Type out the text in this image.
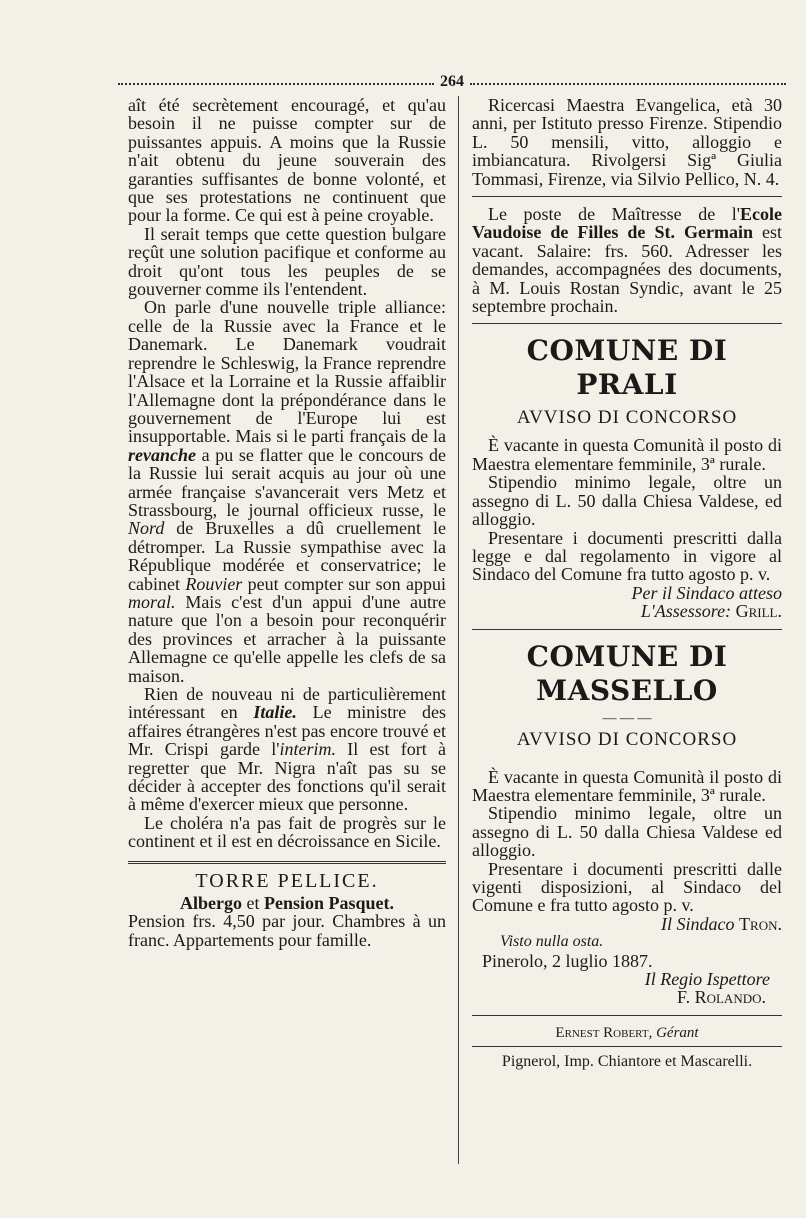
264

aît été secrètement encouragé, et qu'au besoin il ne puisse compter sur de puissantes appuis. A moins que la Russie n'ait obtenu du jeune souverain des garanties suffisantes de bonne volonté, et que ses protestations ne continuent que pour la forme. Ce qui est à peine croyable.

Il serait temps que cette question bulgare reçût une solution pacifique et conforme au droit qu'ont tous les peuples de se gouverner comme ils l'entendent.

On parle d'une nouvelle triple alliance: celle de la Russie avec la France et le Danemark. Le Danemark voudrait reprendre le Schleswig, la France reprendre l'Alsace et la Lorraine et la Russie affaiblir l'Allemagne dont la prépondérance dans le gouvernement de l'Europe lui est insupportable. Mais si le parti français de la revanche a pu se flatter que le concours de la Russie lui serait acquis au jour où une armée française s'avancerait vers Metz et Strassbourg, le journal officieux russe, le Nord de Bruxelles a dû cruellement le détromper. La Russie sympathise avec la République modérée et conservatrice; le cabinet Rouvier peut compter sur son appui moral. Mais c'est d'un appui d'une autre nature que l'on a besoin pour reconquérir des provinces et arracher à la puissante Allemagne ce qu'elle appelle les clefs de sa maison.

Rien de nouveau ni de particulièrement intéressant en Italie. Le ministre des affaires étrangères n'est pas encore trouvé et Mr. Crispi garde l'interim. Il est fort à regretter que Mr. Nigra n'aît pas su se décider à accepter des fonctions qu'il serait à même d'exercer mieux que personne.

Le choléra n'a pas fait de progrès sur le continent et il est en décroissance en Sicile.

TORRE PELLICE.

Albergo et Pension Pasquet.

Pension frs. 4,50 par jour. Chambres à un franc. Appartements pour famille.

Ricercasi Maestra Evangelica, età 30 anni, per Istituto presso Firenze. Stipendio L. 50 mensili, vitto, alloggio e imbiancatura. Rivolgersi Sigª Giulia Tommasi, Firenze, via Silvio Pellico, N. 4.

Le poste de Maîtresse de l'Ecole Vaudoise de Filles de St. Germain est vacant. Salaire: frs. 560. Adresser les demandes, accompagnées des documents, à M. Louis Rostan Syndic, avant le 25 septembre prochain.

COMUNE DI PRALI
AVVISO DI CONCORSO

È vacante in questa Comunità il posto di Maestra elementare femminile, 3ª rurale.

Stipendio minimo legale, oltre un assegno di L. 50 dalla Chiesa Valdese, ed alloggio.

Presentare i documenti prescritti dalla legge e dal regolamento in vigore al Sindaco del Comune fra tutto agosto p. v.

Per il Sindaco atteso

L'Assessore: Grill.

COMUNE DI MASSELLO
— — —
AVVISO DI CONCORSO

È vacante in questa Comunità il posto di Maestra elementare femminile, 3ª rurale.

Stipendio minimo legale, oltre un assegno di L. 50 dalla Chiesa Valdese ed alloggio.

Presentare i documenti prescritti dalle vigenti disposizioni, al Sindaco del Comune e fra tutto agosto p. v.

Il Sindaco Tron.

Visto nulla osta.

Pinerolo, 2 luglio 1887.

Il Regio Ispettore

F. Rolando.

Ernest Robert, Gérant

Pignerol, Imp. Chiantore et Mascarelli.
